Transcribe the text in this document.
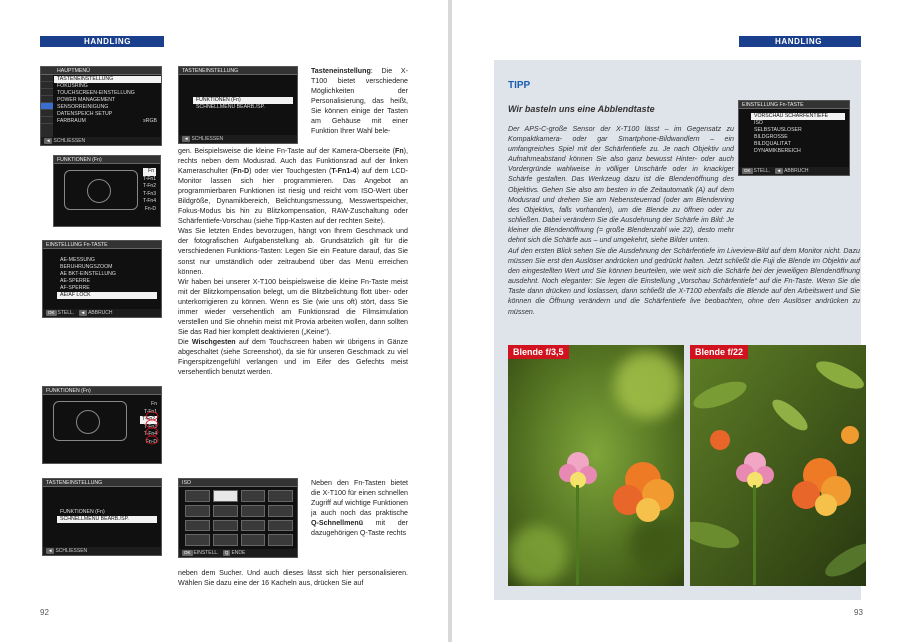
HANDLING
HAUPTMENÜ
TASTENEINSTELLUNG
FOKUSRING
TOUCHSCREEN-EINSTELLUNG
POWER MANAGEMENT
SENSORREINIGUNG
DATENSPEICH SETUP
FARBRAUM	sRGB
◄ SCHLIESSEN
TASTENEINSTELLUNG
FUNKTIONEN (Fn)
SCHNELLMENÜ BEARB./SP.
◄ SCHLIESSEN
FUNKTIONEN (Fn)
Fn
T-Fn1
T-Fn2
T-Fn3
T-Fn4
Fn-D
EINSTELLUNG Fn-TASTE
AE-MESSUNG
BERÜHRUNGSZOOM
AE BKT-EINSTELLUNG
AE-SPERRE
AF-SPERRE
AE/AF LOCK
OK STELL. ◄ ABBRUCH
FUNKTIONEN (Fn)
Fn
T-Fn1
T-Fn2
T-Fn3
T-Fn4
Fn-D
TASTENEINSTELLUNG
FUNKTIONEN (Fn)
SCHNELLMENÜ BEARB./SP.
◄ SCHLIESSEN
ISO
OK EINSTELL. Q ENDE
Tasteneinstellung: Die X-T100 bietet verschiedene Möglichkeiten der Personalisierung, das heißt, Sie können einige der Tasten am Gehäuse mit einer Funktion Ihrer Wahl bele-

gen. Beispielsweise die kleine Fn-Taste auf der Kamera-Oberseite (Fn), rechts neben dem Modusrad. Auch das Funktionsrad auf der linken Kameraschulter (Fn-D) oder vier Touchgesten (T-Fn1-4) auf dem LCD-Monitor lassen sich hier programmieren. Das Angebot an programmierbaren Funktionen ist riesig und reicht vom ISO-Wert über Bildgröße, Dynamikbereich, Belichtungsmessung, Messwertspeicher, Fokus-Modus bis hin zu Blitzkompensation, RAW-Zuschaltung oder Schärfentiefe-Vorschau (siehe Tipp-Kasten auf der rechten Seite).

Was Sie letzten Endes bevorzugen, hängt von Ihrem Geschmack und der fotografischen Aufgabenstellung ab. Grundsätzlich gilt für die verschiedenen Funktions-Tasten: Legen Sie ein Feature darauf, das Sie sonst nur umständlich oder zeitraubend über das Menü erreichen können.

Wir haben bei unserer X-T100 beispielsweise die kleine Fn-Taste meist mit der Blitzkompensation belegt, um die Blitzbelichtung flott über- oder unterkorrigieren zu können. Wenn es Sie (wie uns oft) stört, dass Sie immer wieder versehentlich am Funktionsrad die Filmsimulation verstellen und Sie ohnehin meist mit Provia arbeiten wollen, dann sollten Sie das Rad hier komplett deaktivieren („Keine“).

Die Wischgesten auf dem Touchscreen haben wir übrigens in Gänze abgeschaltet (siehe Screenshot), da sie für unseren Geschmack zu viel Fingerspitzengefühl verlangen und im Eifer des Gefechts meist versehentlich benutzt werden.

Neben den Fn-Tasten bietet die X-T100 für einen schnellen Zugriff auf wichtige Funktionen ja auch noch das praktische Q-Schnellmenü mit der dazugehörigen Q-Taste rechts
neben dem Sucher. Und auch dieses lässt sich hier personalisieren. Wählen Sie dazu eine der 16 Kacheln aus, drücken Sie auf
92
HANDLING
TIPP
Wir basteln uns eine Abblendtaste	EINSTELLUNG Fn-TASTE
VORSCHAU SCHÄRFENTIEFE
ISO
SELBSTAUSLÖSER
BILDGRÖSSE
BILDQUALITÄT
DYNAMIKBEREICH
OK STELL. ◄ ABBRUCH
Der APS-C-große Sensor der X-T100 lässt – im Gegensatz zu Kompaktkamera- oder gar Smartphone-Bildwandlern – ein umfangreiches Spiel mit der Schärfentiefe zu. Je nach Objektiv und Aufnahmeabstand können Sie also ganz bewusst Hinter- oder auch Vordergründe wahlweise in völliger Unschärfe oder in knackiger Schärfe gestalten. Das Werkzeug dazu ist die Blendenöffnung des Objektivs. Gehen Sie also am besten in die Zeitautomatik (A) auf dem Modusrad und drehen Sie am Nebensteuerrad (oder am Blendenring des Objektivs, falls vorhanden), um die Blende zu öffnen oder zu schließen. Dabei verändern Sie die Ausdehnung der Schärfe im Bild: Je kleiner die Blendenöffnung (= große Blendenzahl wie 22), desto mehr dehnt sich die Schärfe aus – und umgekehrt, siehe Bilder unten.
Auf den ersten Blick sehen Sie die Ausdehnung der Schärfentiefe im Liveview-Bild auf dem Monitor nicht. Dazu müssen Sie erst den Auslöser andrücken und gedrückt halten. Jetzt schließt die Fuji die Blende im Objektiv auf den eingestellten Wert und Sie können beurteilen, wie weit sich die Schärfe bei der jeweiligen Blendenöffnung ausdehnt. Noch eleganter: Sie legen die Einstellung „Vorschau Schärfentiefe“ auf die Fn-Taste. Wenn Sie die Taste dann drücken und loslassen, dann schließt die X-T100 ebenfalls die Blende auf den Arbeitswert und Sie können die Öffnung verändern und die Schärfentiefe live beobachten, ohne den Auslöser andrücken zu müssen.
Blende f/3,5	Blende f/22
93
